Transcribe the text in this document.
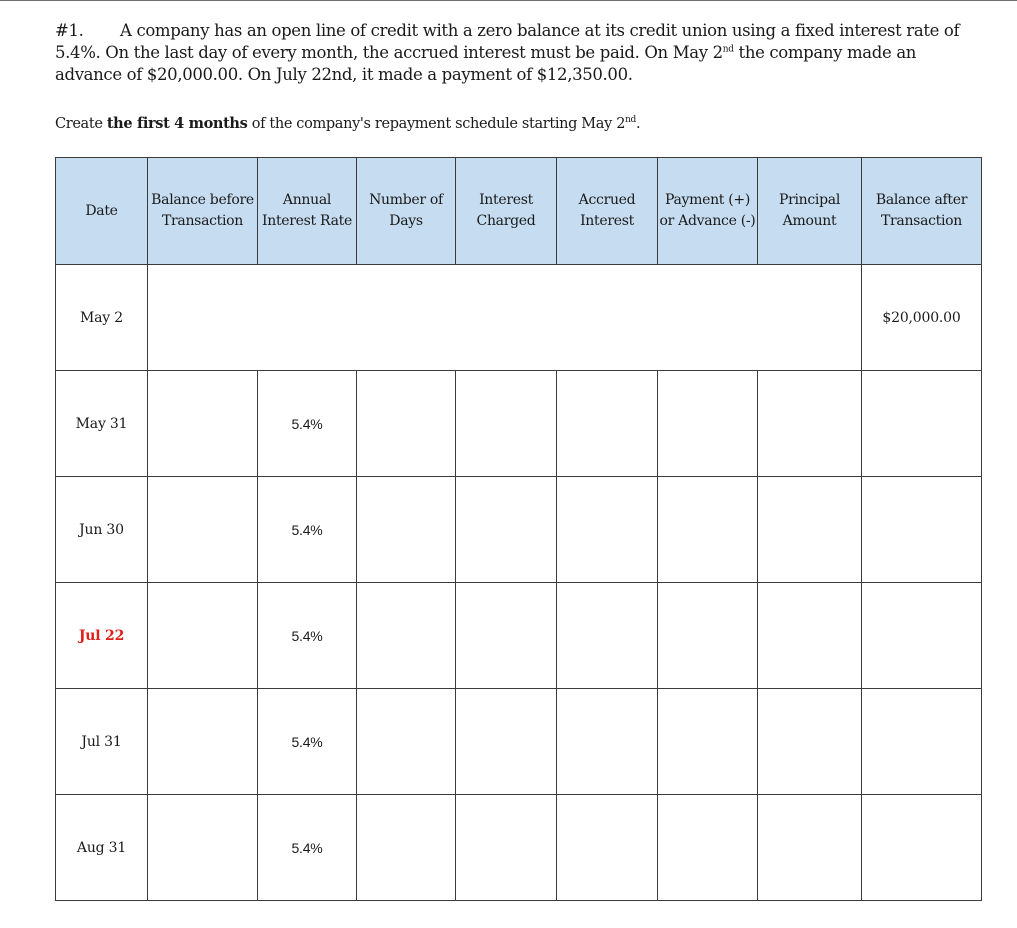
#1. A company has an open line of credit with a zero balance at its credit union using a fixed interest rate of 5.4%. On the last day of every month, the accrued interest must be paid. On May 2nd the company made an advance of $20,000.00. On July 22nd, it made a payment of $12,350.00.

Create the first 4 months of the company's repayment schedule starting May 2nd.

Date	Balance before Transaction	Annual Interest Rate	Number of Days	Interest Charged	Accrued Interest	Payment (+) or Advance (-)	Principal Amount	Balance after Transaction
May 2								$20,000.00
May 31		5.4%						
Jun 30		5.4%						
Jul 22		5.4%						
Jul 31		5.4%						
Aug 31		5.4%						
